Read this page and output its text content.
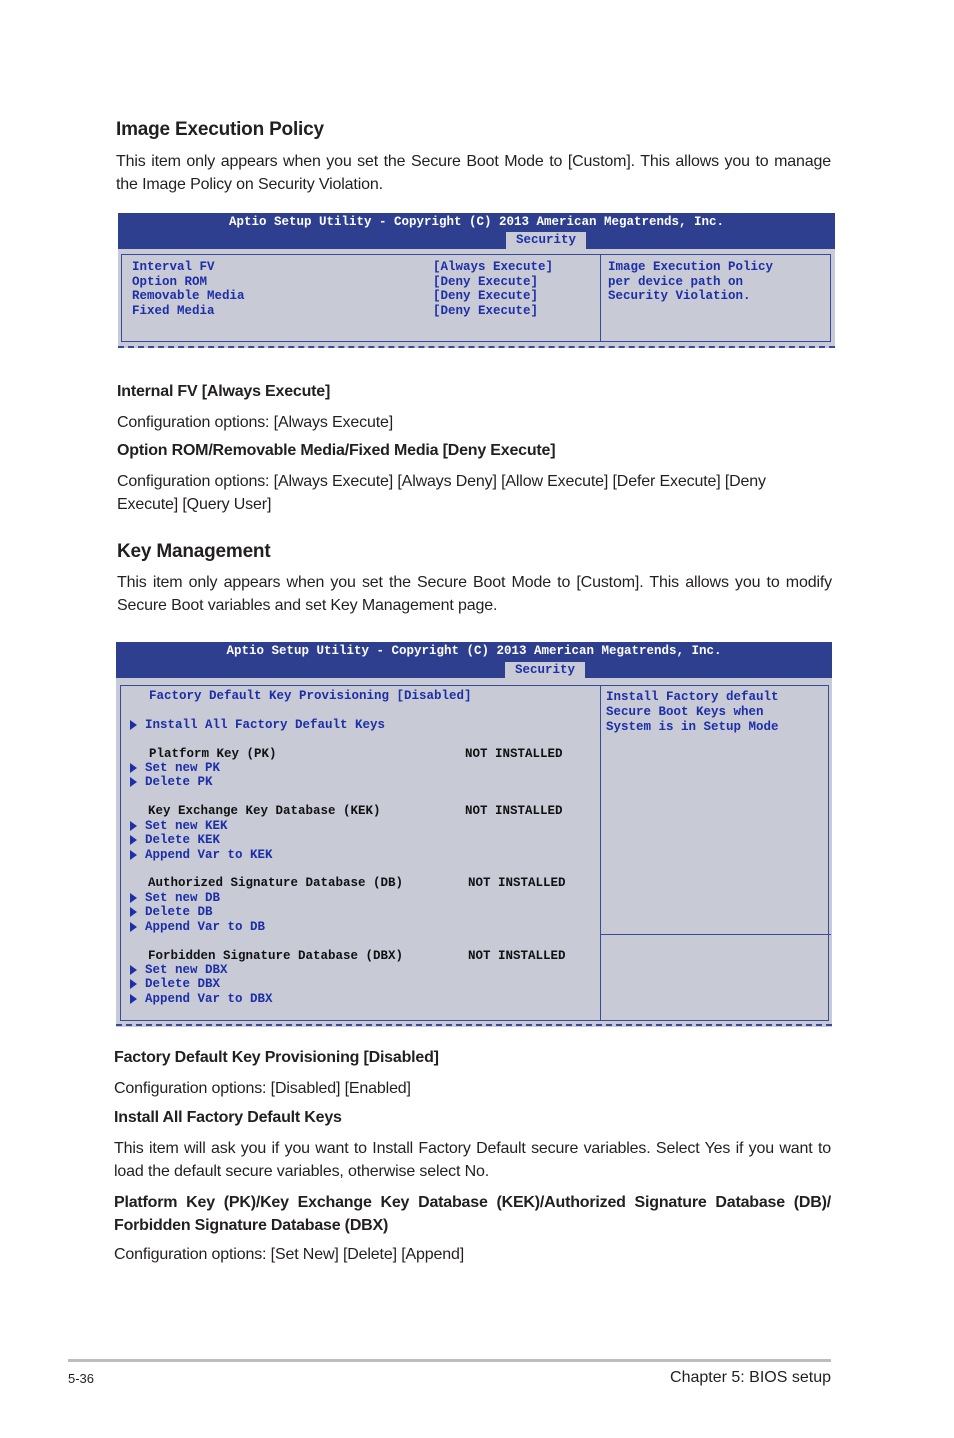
Image Execution Policy
This item only appears when you set the Secure Boot Mode to [Custom]. This allows you to manage the Image Policy on Security Violation.
Aptio Setup Utility - Copyright (C) 2013 American Megatrends, Inc.
Security
Interval FV	[Always Execute]
Option ROM	[Deny Execute]
Removable Media	[Deny Execute]
Fixed Media	[Deny Execute]
Image Execution Policy
per device path on
Security Violation.
Internal FV [Always Execute]
Configuration options: [Always Execute]
Option ROM/Removable Media/Fixed Media [Deny Execute]
Configuration options: [Always Execute] [Always Deny] [Allow Execute] [Defer Execute] [Deny Execute] [Query User]
Key Management
This item only appears when you set the Secure Boot Mode to [Custom]. This allows you to modify Secure Boot variables and set Key Management page.
Aptio Setup Utility - Copyright (C) 2013 American Megatrends, Inc.
Security
Factory Default Key Provisioning [Disabled]
Install All Factory Default Keys
Platform Key (PK)	NOT INSTALLED
Set new PK
Delete PK
Key Exchange Key Database (KEK)	NOT INSTALLED
Set new KEK
Delete KEK
Append Var to KEK
Authorized Signature Database (DB)	NOT INSTALLED
Set new DB
Delete DB
Append Var to DB
Forbidden Signature Database (DBX)	NOT INSTALLED
Set new DBX
Delete DBX
Append Var to DBX
Install Factory default
Secure Boot Keys when
System is in Setup Mode
Factory Default Key Provisioning [Disabled]
Configuration options: [Disabled] [Enabled]
Install All Factory Default Keys
This item will ask you if you want to Install Factory Default secure variables. Select Yes if you want to load the default secure variables, otherwise select No.
Platform Key (PK)/Key Exchange Key Database (KEK)/Authorized Signature Database (DB)/ Forbidden Signature Database (DBX)
Configuration options: [Set New] [Delete] [Append]
5-36	Chapter 5: BIOS setup
